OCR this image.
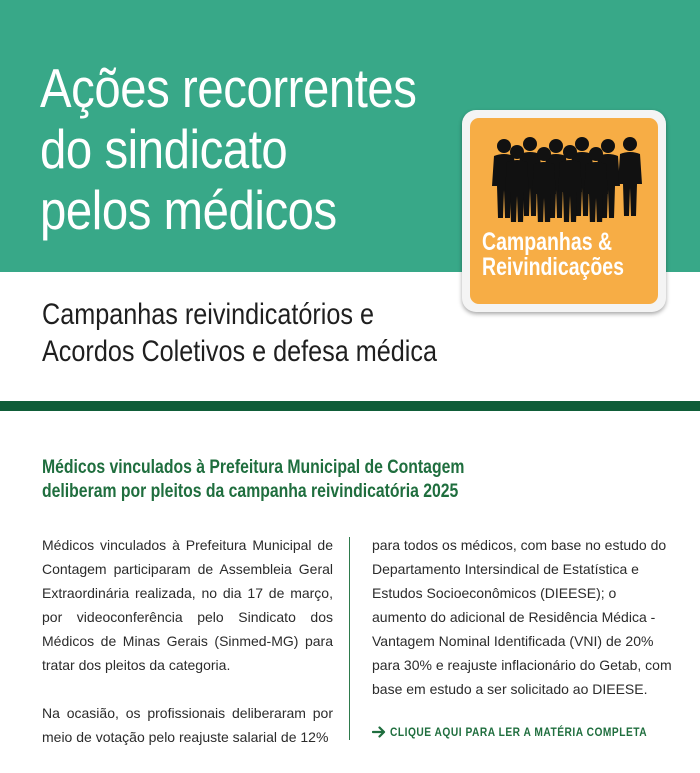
Ações recorrentes
do sindicato
pelos médicos
Campanhas reivindicatórios e
Acordos Coletivos e defesa médica
Campanhas &
Reivindicações
Médicos vinculados à Prefeitura Municipal de Contagem
deliberam por pleitos da campanha reivindicatória 2025

Médicos vinculados à Prefeitura Municipal de Contagem participaram de Assembleia Geral Extraordinária realizada, no dia 17 de março, por videoconferência pelo Sindicato dos Médicos de Minas Gerais (Sinmed-MG) para tratar dos pleitos da categoria.

Na ocasião, os profissionais deliberaram por meio de votação pelo reajuste salarial de 12%

para todos os médicos, com base no estudo do Departamento Intersindical de Estatística e Estudos Socioeconômicos (DIEESE); o aumento do adicional de Residência Médica - Vantagem Nominal Identificada (VNI) de 20% para 30% e reajuste inflacionário do Getab, com base em estudo a ser solicitado ao DIEESE.

CLIQUE AQUI PARA LER A MATÉRIA COMPLETA
